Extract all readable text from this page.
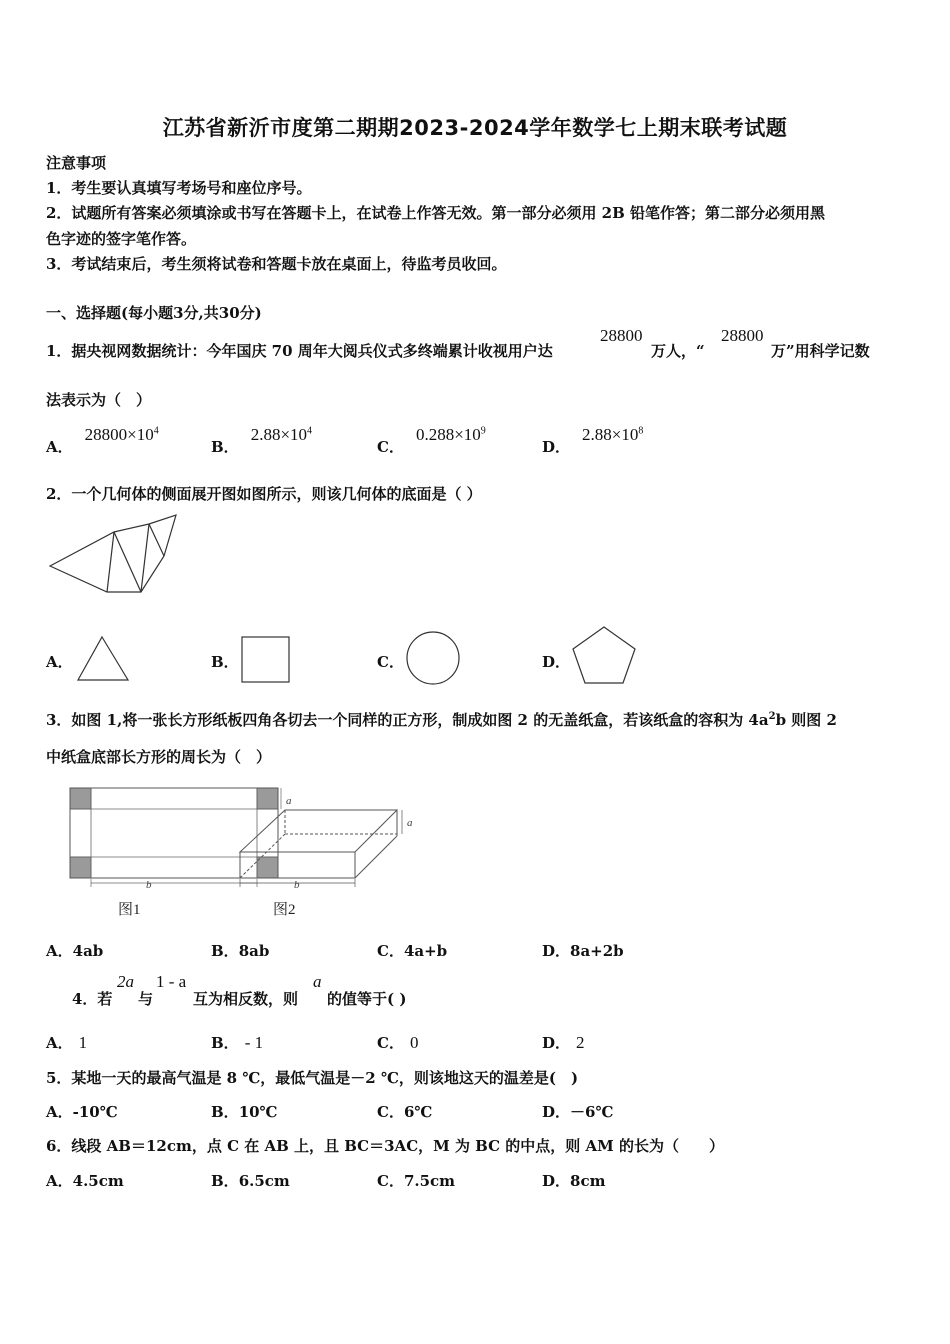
江苏省新沂市度第二期期2023-2024学年数学七上期末联考试题
注意事项
1．考生要认真填写考场号和座位序号。
2．试题所有答案必须填涂或书写在答题卡上，在试卷上作答无效。第一部分必须用 2B 铅笔作答；第二部分必须用黑
色字迹的签字笔作答。
3．考试结束后，考生须将试卷和答题卡放在桌面上，待监考员收回。
一、选择题(每小题3分,共30分)
1．据央视网数据统计：今年国庆 70 周年大阅兵仪式多终端累计收视用户达
28800
万人，“
28800
万”用科学记数
法表示为（　）
A．$28800\times 10^4$
B．$2.88\times 10^4$
C．$0.288\times 10^9$
D．$2.88\times 10^8$
2．一个几何体的侧面展开图如图所示，则该几何体的底面是（ ）
A．	B．	C．	D．
3．如图 1,将一张长方形纸板四角各切去一个同样的正方形，制成如图 2 的无盖纸盒，若该纸盒的容积为 $4a^2b$ 则图 2
中纸盒底部长方形的周长为（　）
a
b
a
b
图1	图2
A．4ab	B．8ab	C．4a+b	D．8a+2b
4．若
2a
与
1 - a
互为相反数，则
a
的值等于( )
A． 1	B． - 1	C． 0	D． 2
5．某地一天的最高气温是 8 ℃，最低气温是－2 ℃，则该地这天的温差是(　)
A．-10℃	B．10℃	C．6℃	D．－6℃
6．线段 AB＝12cm，点 C 在 AB 上，且 BC＝3AC，M 为 BC 的中点，则 AM 的长为（　　）
A．4.5cm	B．6.5cm	C．7.5cm	D．8cm
